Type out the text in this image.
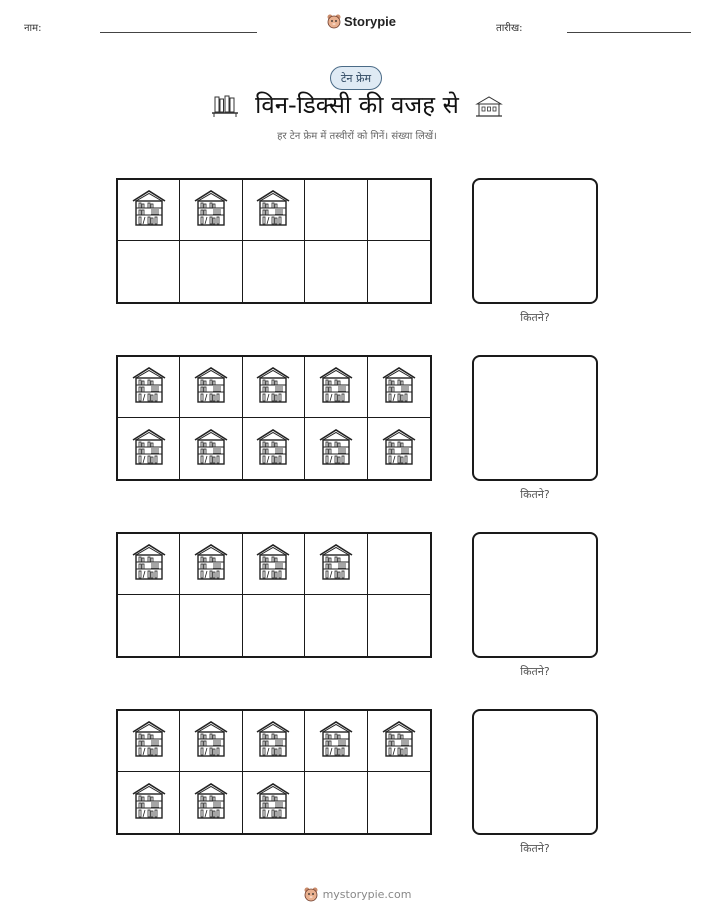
नाम:	Storypie	तारीख:
टेन फ्रेम
विन-डिक्सी की वजह से
हर टेन फ्रेम में तस्वीरों को गिनें। संख्या लिखें।
कितने?
कितने?
कितने?
कितने?
mystorypie.com
